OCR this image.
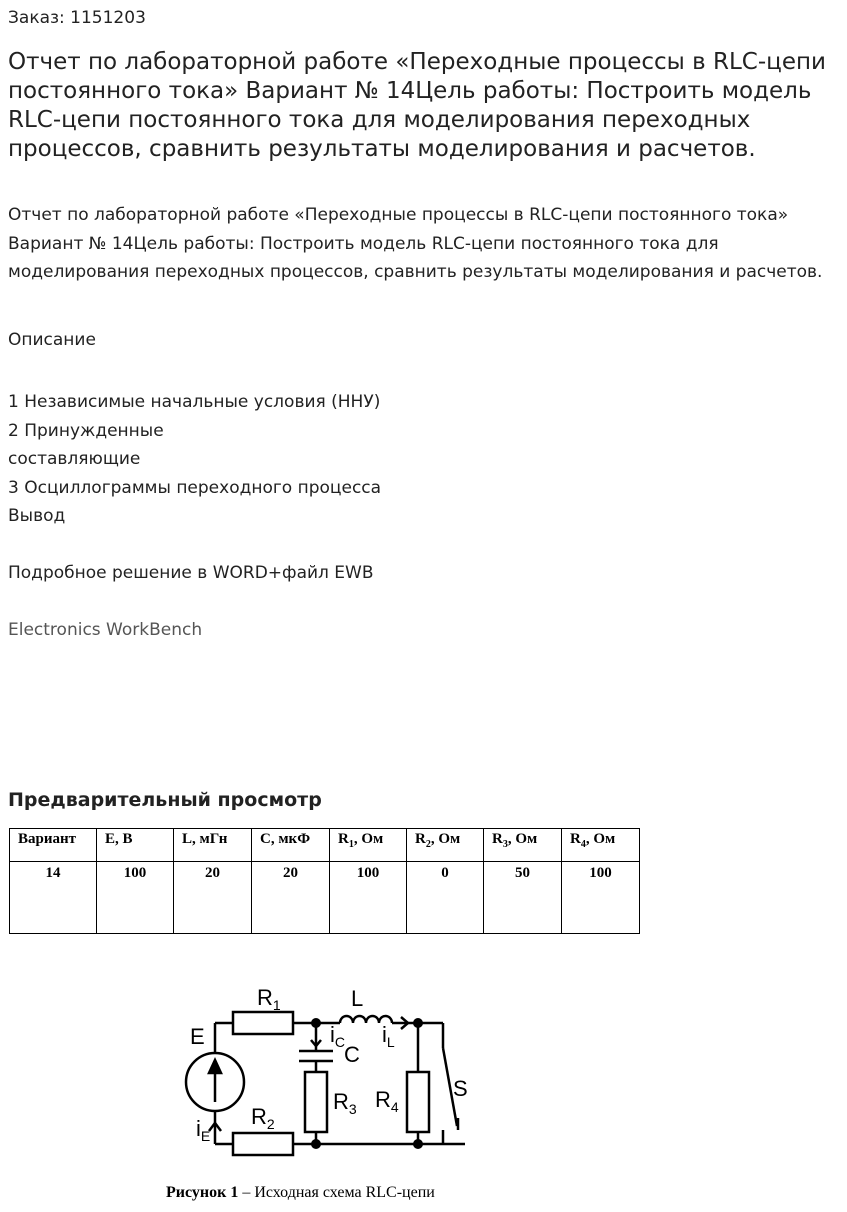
Заказ: 1151203
Отчет по лабораторной работе «Переходные процессы в RLC-цепи постоянного тока» Вариант № 14Цель работы: Построить модель RLC-цепи постоянного тока для моделирования переходных процессов, сравнить результаты моделирования и расчетов.

Отчет по лабораторной работе «Переходные процессы в RLC-цепи постоянного тока» Вариант № 14Цель работы: Построить модель RLC-цепи постоянного тока для моделирования переходных процессов, сравнить результаты моделирования и расчетов.

Описание
1 Независимые начальные условия (ННУ)
2 Принужденные
составляющие
3 Осциллограммы переходного процесса
Вывод
Подробное решение в WORD+файл EWB
Electronics WorkBench
Предварительный просмотр
Вариант	E, В	L, мГн	С, мкФ	$R_1$, Ом	$R_2$, Ом	$R_3$, Ом	$R_4$, Ом
14	100	20	20	100	0	50	100
$R_1$	L
E
$R_2$
$R_3$ $R_4$
C
S
$i_C$ $i_L$
$i_E$
Рисунок 1 – Исходная схема RLC-цепи
